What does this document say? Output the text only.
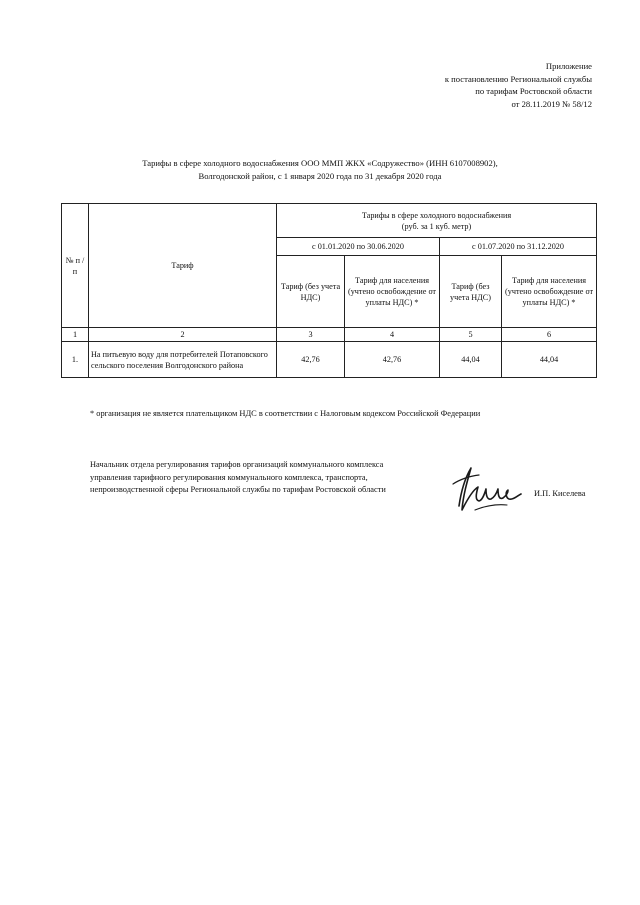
Приложение
к постановлению Региональной службы
по тарифам Ростовской области
от 28.11.2019 № 58/12
Тарифы в сфере холодного водоснабжения ООО ММП ЖКХ «Содружество» (ИНН 6107008902),
Волгодонской район, с 1 января 2020 года по 31 декабря 2020 года
№ п /п	Тариф	Тарифы в сфере холодного водоснабжения
(руб. за 1 куб. метр)			

		с 01.01.2020 по 30.06.2020		с 01.07.2020 по 31.12.2020	
		Тариф (без учета НДС)	Тариф для населения (учтено освобождение от уплаты НДС) *	Тариф (без учета НДС)	Тариф для населения (учтено освобождение от уплаты НДС) *
1	2	3	4	5	6
1.	На питьевую воду для потребителей Потаповского сельского поселения Волгодонского района	42,76	42,76	44,04	44,04
* организация не является плательщиком НДС в соответствии с Налоговым кодексом Российской Федерации
Начальник отдела регулирования тарифов организаций коммунального комплекса
управления тарифного регулирования коммунального комплекса, транспорта,
непроизводственной сферы Региональной службы по тарифам Ростовской области	И.П. Киселева
